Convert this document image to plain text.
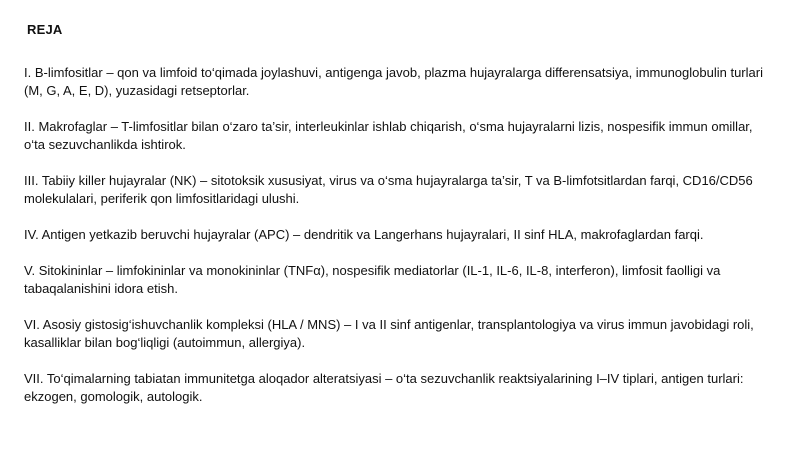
REJA
I. B-limfositlar – qon va limfoid to‘qimada joylashuvi, antigenga javob, plazma hujayralarga differensatsiya, immunoglobulin turlari (M, G, A, E, D), yuzasidagi retseptorlar.
II. Makrofaglar – T-limfositlar bilan o‘zaro ta’sir, interleukinlar ishlab chiqarish, o‘sma hujayralarni lizis, nospesifik immun omillar, o‘ta sezuvchanlikda ishtirok.
III. Tabiiy killer hujayralar (NK) – sitotoksik xususiyat, virus va o‘sma hujayralarga ta’sir, T va B-limfotsitlardan farqi, CD16/CD56 molekulalari, periferik qon limfositlaridagi ulushi.
IV. Antigen yetkazib beruvchi hujayralar (APC) – dendritik va Langerhans hujayralari, II sinf HLA, makrofaglardan farqi.
V. Sitokininlar – limfokininlar va monokininlar (TNFα), nospesifik mediatorlar (IL-1, IL-6, IL-8, interferon), limfosit faolligi va tabaqalanishini idora etish.
VI. Asosiy gistosig‘ishuvchanlik kompleksi (HLA / MNS) – I va II sinf antigenlar, transplantologiya va virus immun javobidagi roli, kasalliklar bilan bog‘liqligi (autoimmun, allergiya).
VII. To‘qimalarning tabiatan immunitetga aloqador alteratsiyasi – o‘ta sezuvchanlik reaktsiyalarining I–IV tiplari, antigen turlari: ekzogen, gomologik, autologik.
